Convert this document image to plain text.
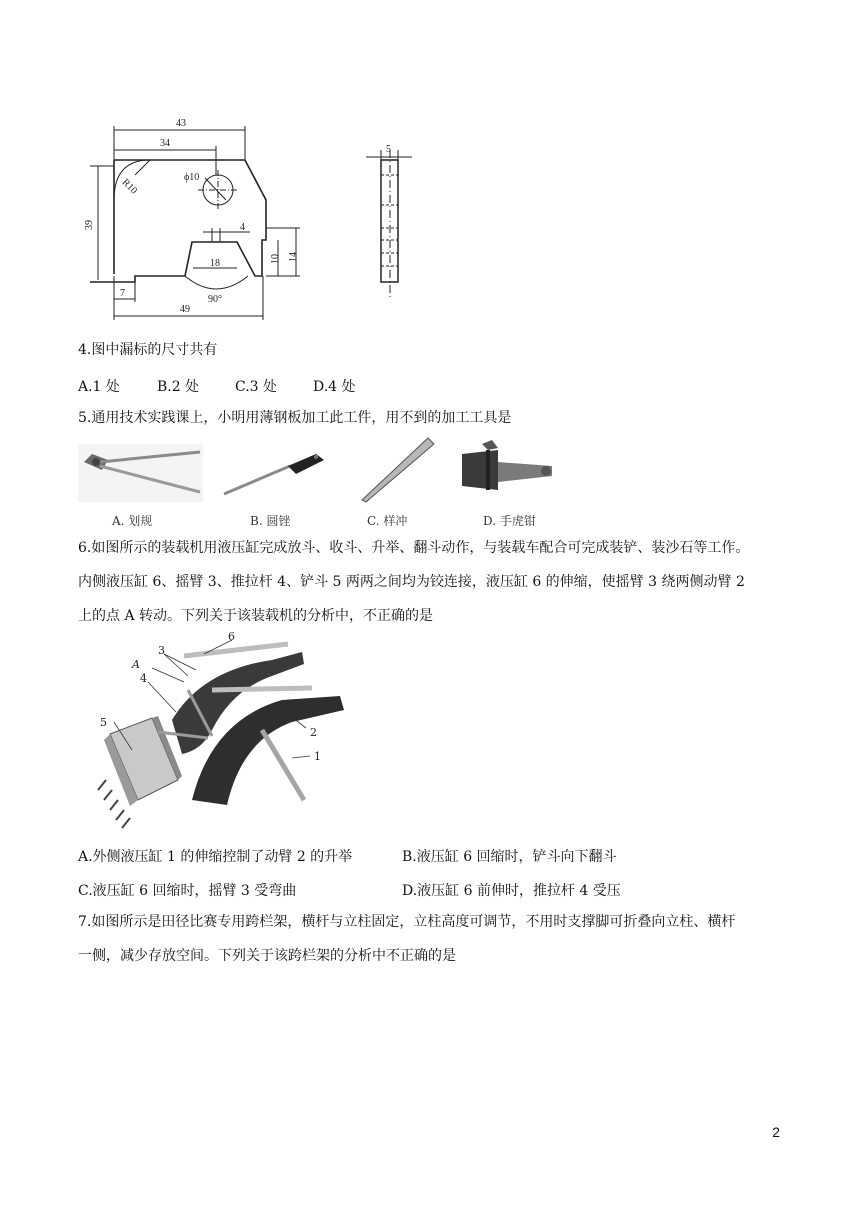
43
34
ϕ10
R10
39	4
18	10 14
7
49
90°
5
4.图中漏标的尺寸共有
A.1 处	B.2 处	C.3 处	D.4 处
5.通用技术实践课上，小明用薄钢板加工此工件，用不到的加工工具是
A. 划规	B. 圆锉	C. 样冲	D. 手虎钳
6.如图所示的装载机用液压缸完成放斗、收斗、升举、翻斗动作，与装载车配合可完成装铲、装沙石等工作。
内侧液压缸 6、摇臂 3、推拉杆 4、铲斗 5 两两之间均为铰连接，液压缸 6 的伸缩，使摇臂 3 绕两侧动臂 2
上的点 A 转动。下列关于该装载机的分析中，不正确的是
6
A
3
4
5
2
1
A.外侧液压缸 1 的伸缩控制了动臂 2 的升举	B.液压缸 6 回缩时，铲斗向下翻斗
C.液压缸 6 回缩时，摇臂 3 受弯曲	D.液压缸 6 前伸时，推拉杆 4 受压
7.如图所示是田径比赛专用跨栏架，横杆与立柱固定，立柱高度可调节，不用时支撑脚可折叠向立柱、横杆
一侧，减少存放空间。下列关于该跨栏架的分析中不正确的是
2
